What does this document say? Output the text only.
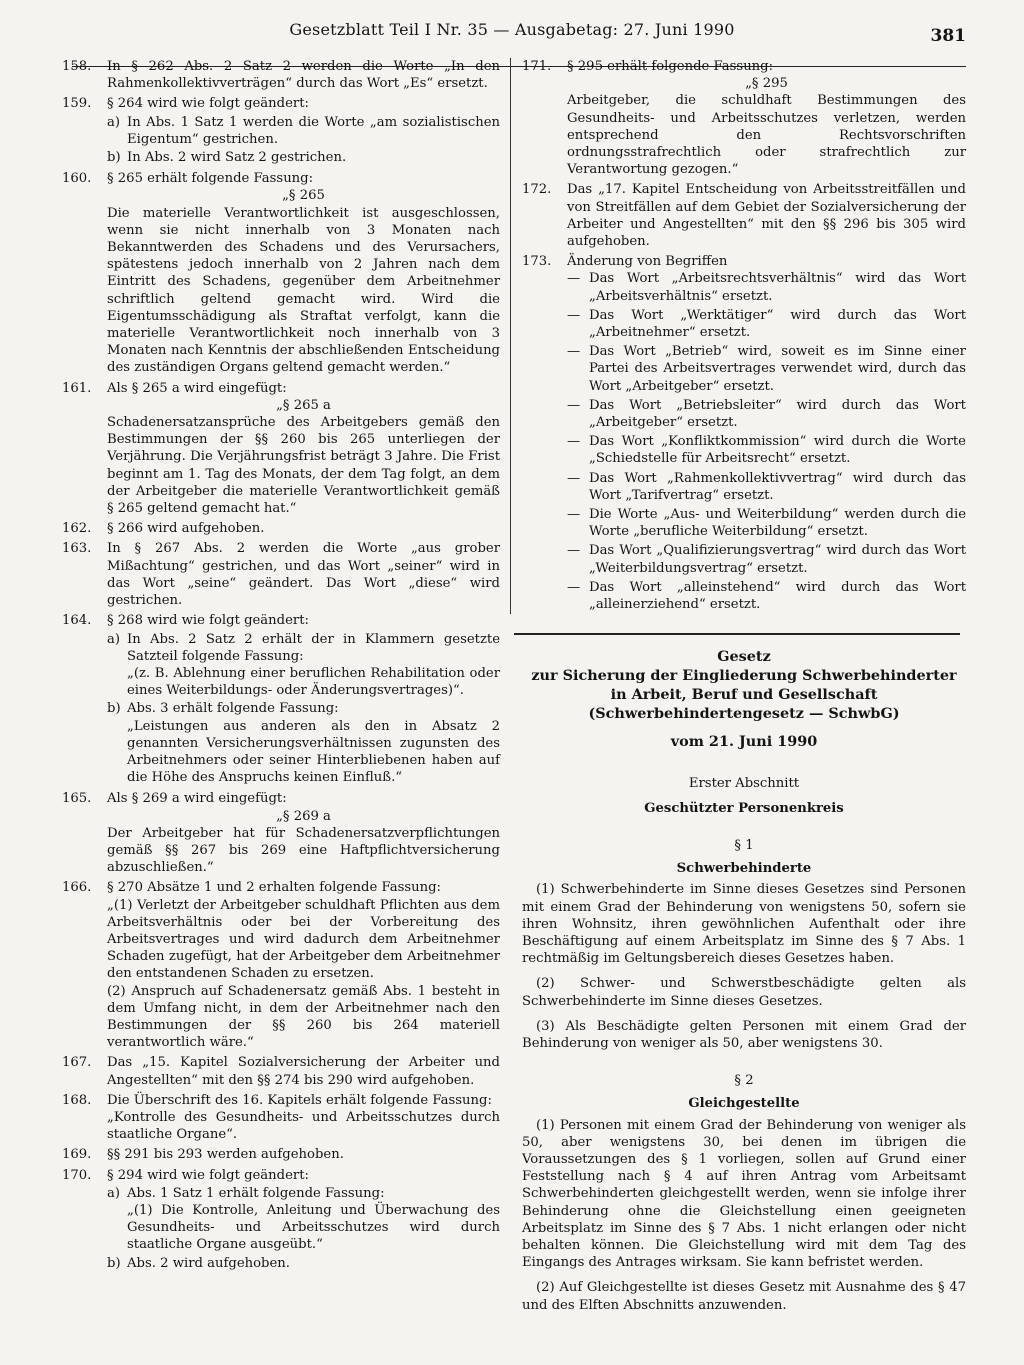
Gesetzblatt Teil I Nr. 35 — Ausgabetag: 27. Juni 1990	381
158.	In § 262 Abs. 2 Satz 2 werden die Worte „In den Rahmenkollektivverträgen“ durch das Wort „Es“ ersetzt.

159.	§ 264 wird wie folgt geändert:

a) In Abs. 1 Satz 1 werden die Worte „am sozialistischen Eigentum“ gestrichen.

b) In Abs. 2 wird Satz 2 gestrichen.

160.	§ 265 erhält folgende Fassung:

„§ 265

Die materielle Verantwortlichkeit ist ausgeschlossen, wenn sie nicht innerhalb von 3 Monaten nach Bekanntwerden des Schadens und des Verursachers, spätestens jedoch innerhalb von 2 Jahren nach dem Eintritt des Schadens, gegenüber dem Arbeitnehmer schriftlich geltend gemacht wird. Wird die Eigentumsschädigung als Straftat verfolgt, kann die materielle Verantwortlichkeit noch innerhalb von 3 Monaten nach Kenntnis der abschließenden Entscheidung des zuständigen Organs geltend gemacht werden.“

161.	Als § 265 a wird eingefügt:

„§ 265 a

Schadenersatzansprüche des Arbeitgebers gemäß den Bestimmungen der §§ 260 bis 265 unterliegen der Verjährung. Die Verjährungsfrist beträgt 3 Jahre. Die Frist beginnt am 1. Tag des Monats, der dem Tag folgt, an dem der Arbeitgeber die materielle Verantwortlichkeit gemäß § 265 geltend gemacht hat.“

162.	§ 266 wird aufgehoben.

163.	In § 267 Abs. 2 werden die Worte „aus grober Mißachtung“ gestrichen, und das Wort „seiner“ wird in das Wort „seine“ geändert. Das Wort „diese“ wird gestrichen.

164.	§ 268 wird wie folgt geändert:

a) In Abs. 2 Satz 2 erhält der in Klammern gesetzte Satzteil folgende Fassung:

„(z. B. Ablehnung einer beruflichen Rehabilitation oder eines Weiterbildungs- oder Änderungsvertrages)“.

b) Abs. 3 erhält folgende Fassung:

„Leistungen aus anderen als den in Absatz 2 genannten Versicherungsverhältnissen zugunsten des Arbeitnehmers oder seiner Hinterbliebenen haben auf die Höhe des Anspruchs keinen Einfluß.“

165.	Als § 269 a wird eingefügt:

„§ 269 a

Der Arbeitgeber hat für Schadenersatzverpflichtungen gemäß §§ 267 bis 269 eine Haftpflichtversicherung abzuschließen.“

166.	§ 270 Absätze 1 und 2 erhalten folgende Fassung:

„(1) Verletzt der Arbeitgeber schuldhaft Pflichten aus dem Arbeitsverhältnis oder bei der Vorbereitung des Arbeitsvertrages und wird dadurch dem Arbeitnehmer Schaden zugefügt, hat der Arbeitgeber dem Arbeitnehmer den entstandenen Schaden zu ersetzen.

(2) Anspruch auf Schadenersatz gemäß Abs. 1 besteht in dem Umfang nicht, in dem der Arbeitnehmer nach den Bestimmungen der §§ 260 bis 264 materiell verantwortlich wäre.“

167.	Das „15. Kapitel Sozialversicherung der Arbeiter und Angestellten“ mit den §§ 274 bis 290 wird aufgehoben.

168.	Die Überschrift des 16. Kapitels erhält folgende Fassung:

„Kontrolle des Gesundheits- und Arbeitsschutzes durch staatliche Organe“.

169.	§§ 291 bis 293 werden aufgehoben.

170.	§ 294 wird wie folgt geändert:

a) Abs. 1 Satz 1 erhält folgende Fassung:

„(1) Die Kontrolle, Anleitung und Überwachung des Gesundheits- und Arbeitsschutzes wird durch staatliche Organe ausgeübt.“

b) Abs. 2 wird aufgehoben.

171.	§ 295 erhält folgende Fassung:

„§ 295

Arbeitgeber, die schuldhaft Bestimmungen des Gesundheits- und Arbeitsschutzes verletzen, werden entsprechend den Rechtsvorschriften ordnungsstrafrechtlich oder strafrechtlich zur Verantwortung gezogen.“

172.	Das „17. Kapitel Entscheidung von Arbeitsstreitfällen und von Streitfällen auf dem Gebiet der Sozialversicherung der Arbeiter und Angestellten“ mit den §§ 296 bis 305 wird aufgehoben.

173.	Änderung von Begriffen

— Das Wort „Arbeitsrechtsverhältnis“ wird das Wort „Arbeitsverhältnis“ ersetzt.
— Das Wort „Werktätiger“ wird durch das Wort „Arbeitnehmer“ ersetzt.
— Das Wort „Betrieb“ wird, soweit es im Sinne einer Partei des Arbeitsvertrages verwendet wird, durch das Wort „Arbeitgeber“ ersetzt.
— Das Wort „Betriebsleiter“ wird durch das Wort „Arbeitgeber“ ersetzt.
— Das Wort „Konfliktkommission“ wird durch die Worte „Schiedstelle für Arbeitsrecht“ ersetzt.
— Das Wort „Rahmenkollektivvertrag“ wird durch das Wort „Tarifvertrag“ ersetzt.
— Die Worte „Aus- und Weiterbildung“ werden durch die Worte „berufliche Weiterbildung“ ersetzt.
— Das Wort „Qualifizierungsvertrag“ wird durch das Wort „Weiterbildungsvertrag“ ersetzt.
— Das Wort „alleinstehend“ wird durch das Wort „alleinerziehend“ ersetzt.
Gesetz
zur Sicherung der Eingliederung Schwerbehinderter
in Arbeit, Beruf und Gesellschaft
(Schwerbehindertengesetz — SchwbG)
vom 21. Juni 1990
Erster Abschnitt
Geschützter Personenkreis
§ 1
Schwerbehinderte

(1) Schwerbehinderte im Sinne dieses Gesetzes sind Personen mit einem Grad der Behinderung von wenigstens 50, sofern sie ihren Wohnsitz, ihren gewöhnlichen Aufenthalt oder ihre Beschäftigung auf einem Arbeitsplatz im Sinne des § 7 Abs. 1 rechtmäßig im Geltungsbereich dieses Gesetzes haben.

(2) Schwer- und Schwerstbeschädigte gelten als Schwerbehinderte im Sinne dieses Gesetzes.

(3) Als Beschädigte gelten Personen mit einem Grad der Behinderung von weniger als 50, aber wenigstens 30.

§ 2
Gleichgestellte

(1) Personen mit einem Grad der Behinderung von weniger als 50, aber wenigstens 30, bei denen im übrigen die Voraussetzungen des § 1 vorliegen, sollen auf Grund einer Feststellung nach § 4 auf ihren Antrag vom Arbeitsamt Schwerbehinderten gleichgestellt werden, wenn sie infolge ihrer Behinderung ohne die Gleichstellung einen geeigneten Arbeitsplatz im Sinne des § 7 Abs. 1 nicht erlangen oder nicht behalten können. Die Gleichstellung wird mit dem Tag des Eingangs des Antrages wirksam. Sie kann befristet werden.

(2) Auf Gleichgestellte ist dieses Gesetz mit Ausnahme des § 47 und des Elften Abschnitts anzuwenden.
